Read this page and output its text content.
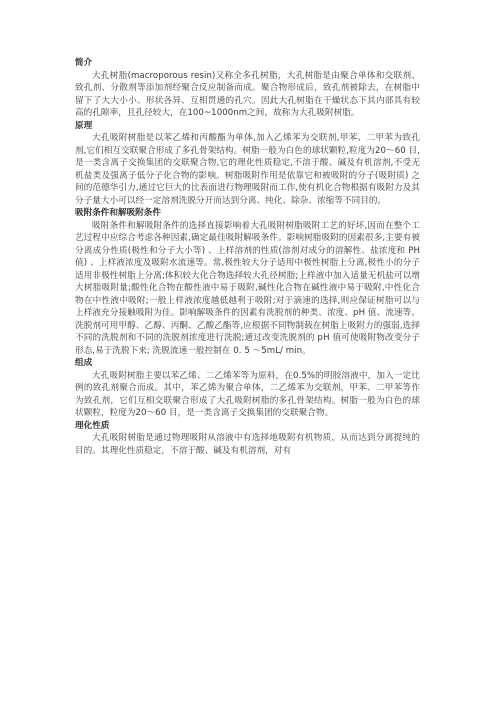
简介

大孔树脂(macroporous resin)又称全多孔树脂，大孔树脂是由聚合单体和交联剂、 致孔剂、分散剂等添加剂经聚合反应制备而成。聚合物形成后，致孔剂被除去，在树脂中留下了大大小小、形状各异、互相贯通的孔穴。因此大孔树脂在干燥状态下其内部具有较高的孔隙率，且孔径较大，在100~1000nm之间，故称为大孔吸附树脂。

原理

大孔吸附树脂是以苯乙烯和丙酸酯为单体,加入乙烯苯为交联剂,甲苯、二甲苯为致孔剂,它们相互交联聚合形成了多孔骨架结构。树脂一般为白色的球状颗粒,粒度为20～60 目,是一类含离子交换集团的交联聚合物,它的理化性质稳定,不溶于酸、碱及有机溶剂,不受无机盐类及强离子低分子化合物的影响。树脂吸附作用是依靠它和被吸附的分子(吸附质) 之间的范德华引力,通过它巨大的比表面进行物理吸附而工作,使有机化合物根据有吸附力及其分子量大小可以经一定溶剂洗脱分开而达到分离、纯化、除杂、浓缩等不同目的。

吸附条件和解吸附条件

吸附条件和解吸附条件的选择直接影响着大孔吸附树脂吸附工艺的好坏,因而在整个工艺过程中应综合考虑各种因素,确定最佳吸附解吸条件。影响树脂吸附的因素很多,主要有被分离成分性质(极性和分子大小等) 、上样溶剂的性质(溶剂对成分的溶解性、盐浓度和 PH 值) 、上样液浓度及吸附水流速等。常,极性较大分子适用中极性树脂上分离,极性小的分子适用非极性树脂上分离;体积较大化合物选择较大孔径树脂;上样液中加入适量无机盐可以增大树脂吸附量;酸性化合物在酸性液中易于吸附,碱性化合物在碱性液中易于吸附,中性化合物在中性液中吸附;一般上样液浓度越低越利于吸附;对于滴速的选择,则应保证树脂可以与上样液充分接触吸附为佳。影响解吸条件的因素有洗脱剂的种类、浓度、pH 值、流速等。洗脱剂可用甲醇、乙醇、丙酮、乙酸乙酯等,应根据不同物制载在树脂上吸附力的强弱,选择不同的洗脱剂和不同的洗脱剂浓度进行洗脱;通过改变洗脱剂的 pH 值可使吸附物改变分子形态,易于洗脱下来; 洗脱流速一般控制在 0. 5 ～5mL/ min。

组成

大孔吸附树脂主要以苯乙烯、二乙烯苯等为原料，在0.5%的明胶溶液中，加入一定比例的致孔剂聚合而成。其中，苯乙烯为聚合单体，二乙烯苯为交联剂，甲苯、二甲苯等作为致孔剂，它们互相交联聚合形成了大孔吸附树脂的多孔骨架结构。树脂一般为白色的球状颗粒，粒度为20～60 目，是一类含离子交换集团的交联聚合物。

理化性质

大孔吸附树脂是通过物理吸附从溶液中有选择地吸附有机物质，从而达到分离提纯的目的。其理化性质稳定，不溶于酸、碱及有机溶剂，对有
